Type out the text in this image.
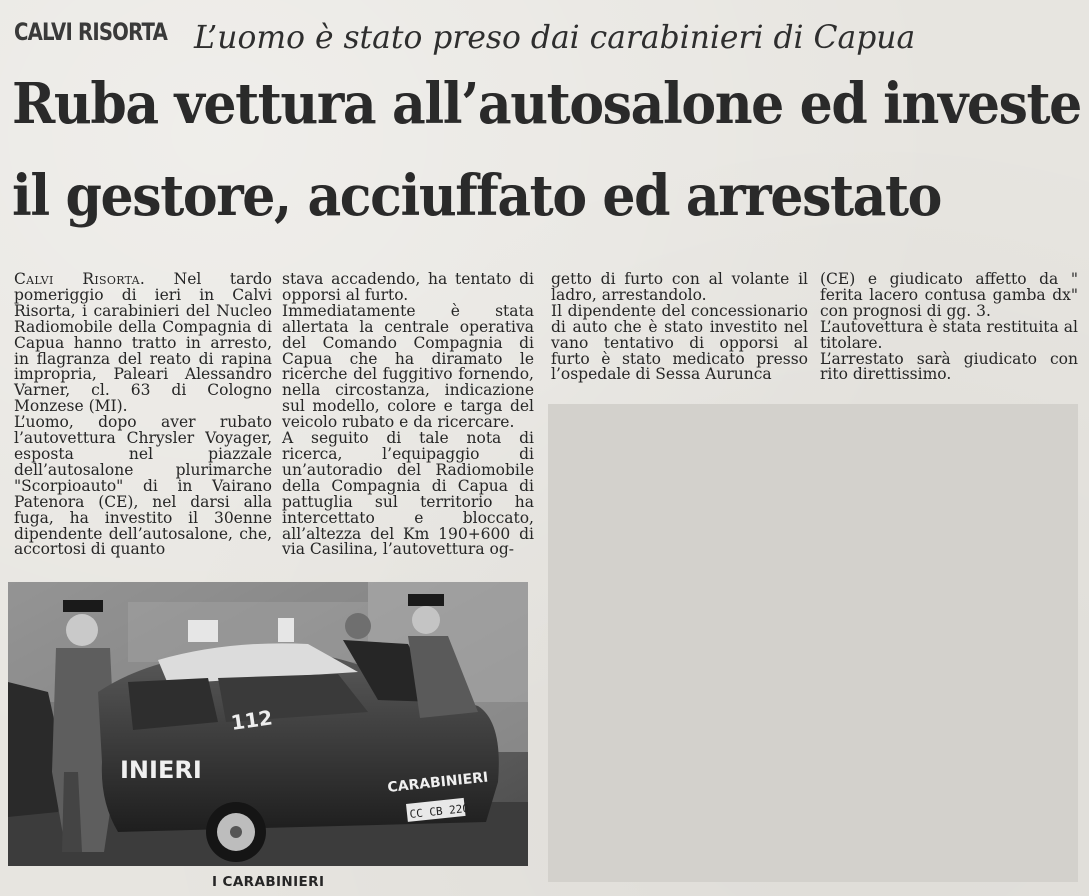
CALVI RISORTA L’uomo è stato preso dai carabinieri di Capua
Ruba vettura all’autosalone ed investe
il gestore, acciuffato ed arrestato

Calvi Risorta. Nel tardo pomeriggio di ieri in Calvi Risorta, i carabinieri del Nucleo Radiomobile della Compagnia di Capua hanno tratto in arresto, in flagranza del reato di rapina impropria, Paleari Alessandro Varner, cl. 63 di Cologno Monzese (MI).

L’uomo, dopo aver rubato l’autovettura Chrysler Voyager, esposta nel piazzale dell’autosalone plurimarche "Scorpioauto" di in Vairano Patenora (CE), nel darsi alla fuga, ha investito il 30enne dipendente dell’autosalone, che, accortosi di quanto

stava accadendo, ha tentato di opporsi al furto.

Immediatamente è stata allertata la centrale operativa del Comando Compagnia di Capua che ha diramato le ricerche del fuggitivo fornendo, nella circostanza, indicazione sul modello, colore e targa del veicolo rubato e da ricercare.

A seguito di tale nota di ricerca, l’equipaggio di un’autoradio del Radiomobile della Compagnia di Capua di pattuglia sul territorio ha intercettato e bloccato, all’altezza del Km 190+600 di via Casilina, l’autovettura og-

getto di furto con al volante il ladro, arrestandolo.

Il dipendente del concessionario di auto che è stato investito nel vano tentativo di opporsi al furto è stato medicato presso l’ospedale di Sessa Aurunca

(CE) e giudicato affetto da " ferita lacero contusa gamba dx" con prognosi di gg. 3.

L’autovettura è stata restituita al titolare.

L’arrestato sarà giudicato con rito direttissimo.

112
INIERI	CARABINIERI
CC CB 220
I CARABINIERI
